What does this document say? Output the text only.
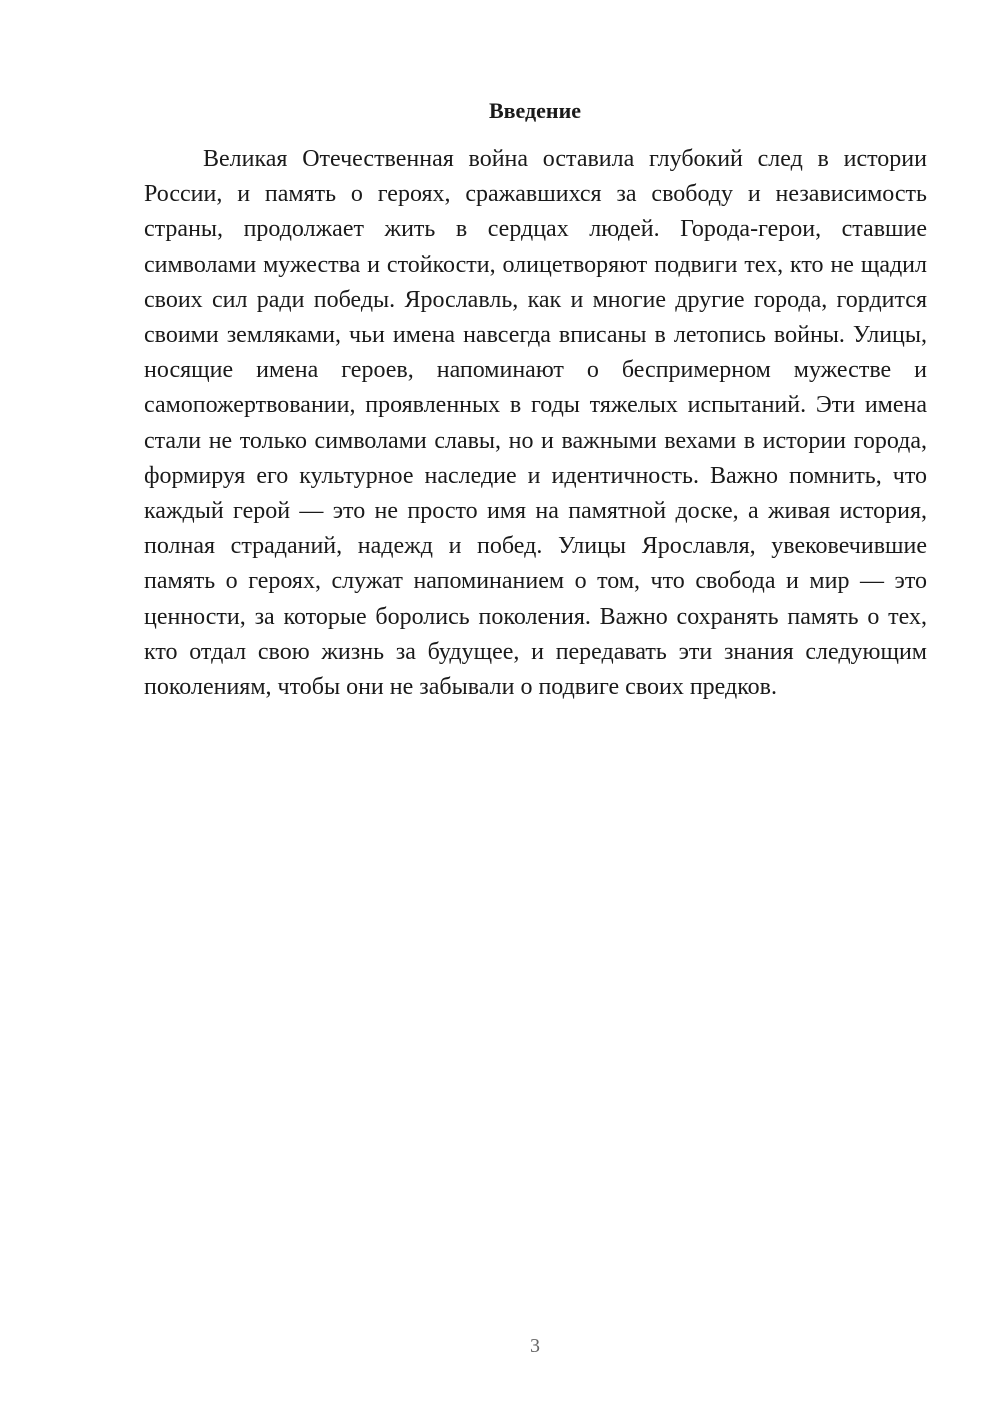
Введение

Великая Отечественная война оставила глубокий след в истории России, и память о героях, сражавшихся за свободу и независимость страны, продолжает жить в сердцах людей. Города-герои, ставшие символами мужества и стойкости, олицетворяют подвиги тех, кто не щадил своих сил ради победы. Ярославль, как и многие другие города, гордится своими земляками, чьи имена навсегда вписаны в летопись войны. Улицы, носящие имена героев, напоминают о беспримерном мужестве и самопожертвовании, проявленных в годы тяжелых испытаний. Эти имена стали не только символами славы, но и важными вехами в истории города, формируя его культурное наследие и идентичность. Важно помнить, что каждый герой — это не просто имя на памятной доске, а живая история, полная страданий, надежд и побед. Улицы Ярославля, увековечившие память о героях, служат напоминанием о том, что свобода и мир — это ценности, за которые боролись поколения. Важно сохранять память о тех, кто отдал свою жизнь за будущее, и передавать эти знания следующим поколениям, чтобы они не забывали о подвиге своих предков.

3
